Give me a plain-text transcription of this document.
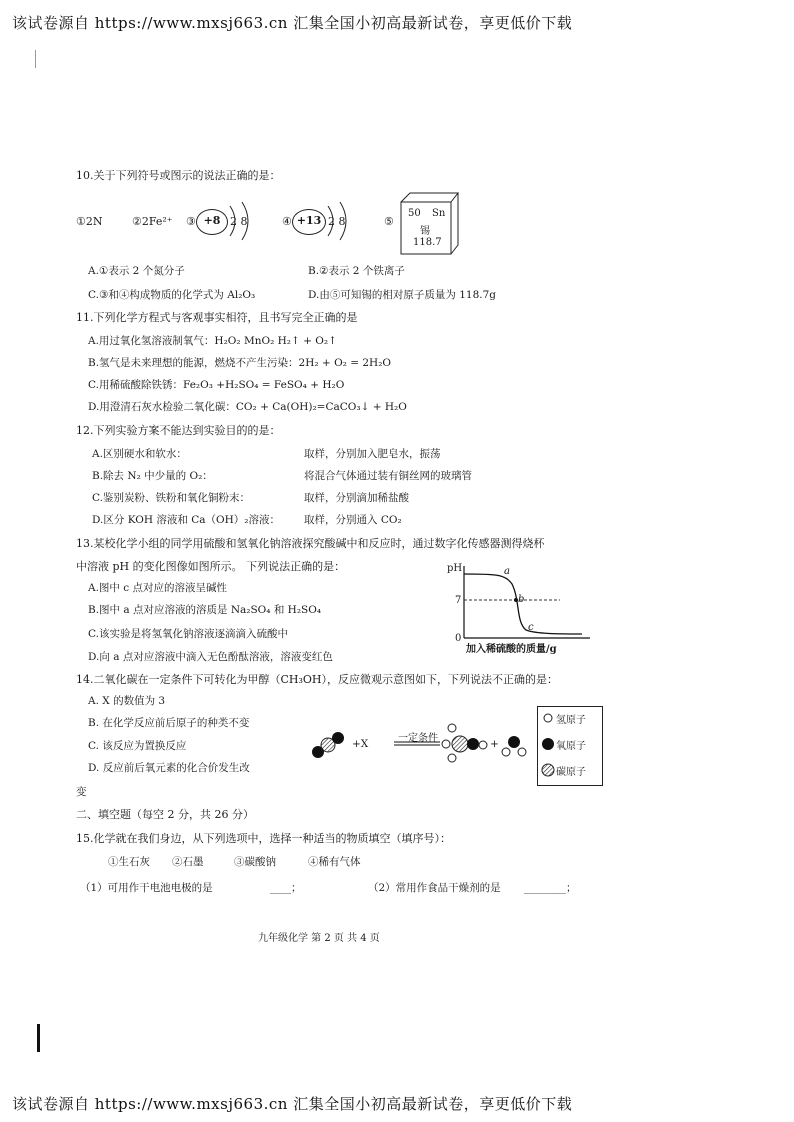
该试卷源自 https://www.mxsj663.cn 汇集全国小初高最新试卷，享更低价下载
该试卷源自 https://www.mxsj663.cn 汇集全国小初高最新试卷，享更低价下载
10.关于下列符号或图示的说法正确的是：
①2N	②2Fe²⁺ ③ +8 2 8	④ +13 2 8	⑤
50 Sn
锡
118.7
A.①表示 2 个氮分子	B.②表示 2 个铁离子
C.③和④构成物质的化学式为 Al₂O₃	D.由⑤可知锡的相对原子质量为 118.7g
11.下列化学方程式与客观事实相符，且书写完全正确的是
A.用过氧化氢溶液制氧气：H₂O₂ MnO₂ H₂↑ + O₂↑
B.氢气是未来理想的能源，燃烧不产生污染：2H₂ + O₂ = 2H₂O
C.用稀硫酸除铁锈：Fe₂O₃ +H₂SO₄ = FeSO₄ + H₂O
D.用澄清石灰水检验二氧化碳：CO₂ + Ca(OH)₂=CaCO₃↓ + H₂O
12.下列实验方案不能达到实验目的的是：
A.区别硬水和软水：	取样，分别加入肥皂水，振荡
B.除去 N₂ 中少量的 O₂：	将混合气体通过装有铜丝网的玻璃管
C.鉴别炭粉、铁粉和氧化铜粉末：	取样，分别滴加稀盐酸
D.区分 KOH 溶液和 Ca（OH）₂溶液： 取样，分别通入 CO₂
13.某校化学小组的同学用硫酸和氢氧化钠溶液探究酸碱中和反应时，通过数字化传感器测得烧杯
中溶液 pH 的变化图像如图所示。 下列说法正确的是：
A.图中 c 点对应的溶液呈碱性
B.图中 a 点对应溶液的溶质是 Na₂SO₄ 和 H₂SO₄
C.该实验是将氢氧化钠溶液逐滴滴入硫酸中
D.向 a 点对应溶液中滴入无色酚酞溶液，溶液变红色
pH
7
0
a
b
c
加入稀硫酸的质量/g
14.二氧化碳在一定条件下可转化为甲醇（CH₃OH），反应微观示意图如下，下列说法不正确的是：
A. X 的数值为 3
B. 在化学反应前后原子的种类不变
C. 该反应为置换反应
D. 反应前后氧元素的化合价发生改
变
+X	一定条件	+
氢原子
氧原子
碳原子
二、填空题（每空 2 分，共 26 分）
15.化学就在我们身边，从下列选项中，选择一种适当的物质填空（填序号）：
①生石灰 ②石墨	③碳酸钠	④稀有气体
（1）可用作干电池电极的是	____；	（2）常用作食品干燥剂的是 ________；
九年级化学 第 2 页 共 4 页
